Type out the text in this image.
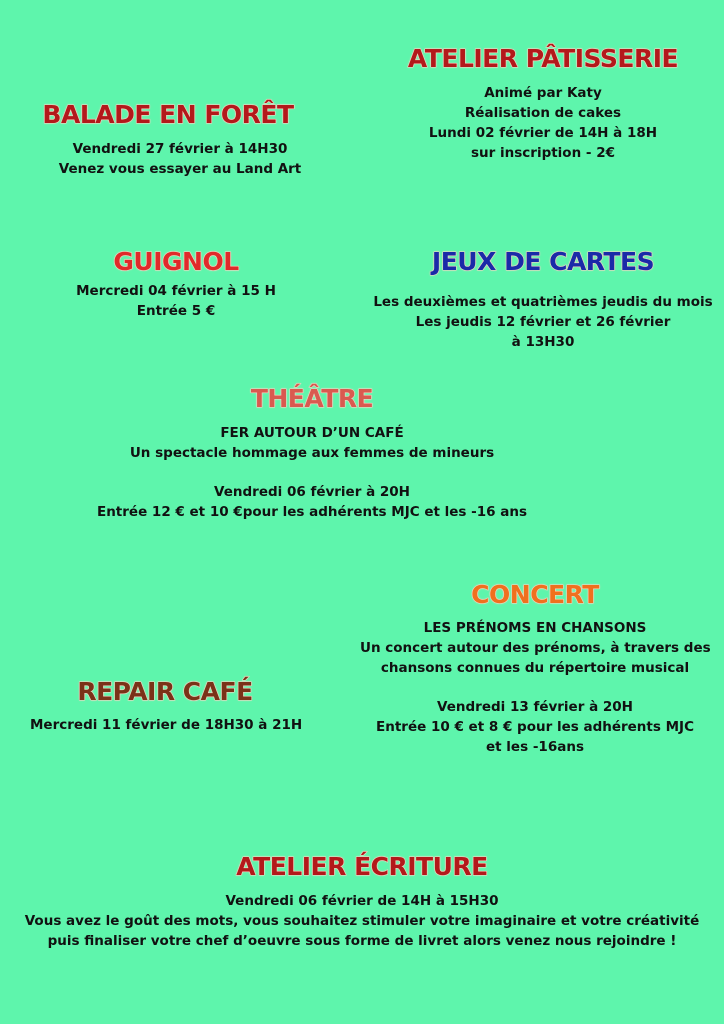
ATELIER PÂTISSERIE
Animé par Katy
Réalisation de cakes
Lundi 02 février de 14H à 18H
sur inscription - 2€
BALADE EN FORÊT
Vendredi 27 février à 14H30
Venez vous essayer au Land Art
GUIGNOL
Mercredi 04 février à 15 H
Entrée 5 €
JEUX DE CARTES
Les deuxièmes et quatrièmes jeudis du mois
Les jeudis 12 février et 26 février
à 13H30
THÉÂTRE
FER AUTOUR D’UN CAFÉ
Un spectacle hommage aux femmes de mineurs
Vendredi 06 février à 20H
Entrée 12 € et 10 €pour les adhérents MJC et les -16 ans
CONCERT
LES PRÉNOMS EN CHANSONS
Un concert autour des prénoms, à travers des
chansons connues du répertoire musical
Vendredi 13 février à 20H
Entrée 10 € et 8 € pour les adhérents MJC
et les -16ans
REPAIR CAFÉ
Mercredi 11 février de 18H30 à 21H
ATELIER ÉCRITURE
Vendredi 06 février de 14H à 15H30
Vous avez le goût des mots, vous souhaitez stimuler votre imaginaire et votre créativité
puis finaliser votre chef d’oeuvre sous forme de livret alors venez nous rejoindre !
